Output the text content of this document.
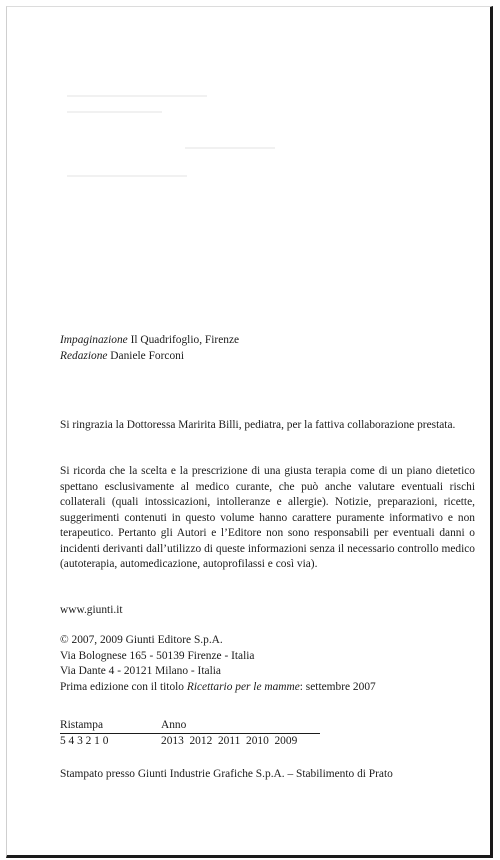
Impaginazione Il Quadrifoglio, Firenze
Redazione Daniele Forconi
Si ringrazia la Dottoressa Maririta Billi, pediatra, per la fattiva collaborazione prestata.

Si ricorda che la scelta e la prescrizione di una giusta terapia come di un piano dietetico spettano esclusivamente al medico curante, che può anche valutare eventuali rischi collaterali (quali intossicazioni, intolleranze e allergie). Notizie, preparazioni, ricette, suggerimenti contenuti in questo volume hanno carattere puramente informativo e non terapeutico. Pertanto gli Autori e l’Editore non sono responsabili per eventuali danni o incidenti derivanti dall’utilizzo di queste informazioni senza il necessario controllo medico (autoterapia, automedicazione, autoprofilassi e così via).

www.giunti.it
© 2007, 2009 Giunti Editore S.p.A.
Via Bolognese 165 - 50139 Firenze - Italia
Via Dante 4 - 20121 Milano - Italia
Prima edizione con il titolo Ricettario per le mamme: settembre 2007
Ristampa	Anno
5 4 3 2 1 0	2013  2012  2011  2010  2009
Stampato presso Giunti Industrie Grafiche S.p.A. – Stabilimento di Prato
